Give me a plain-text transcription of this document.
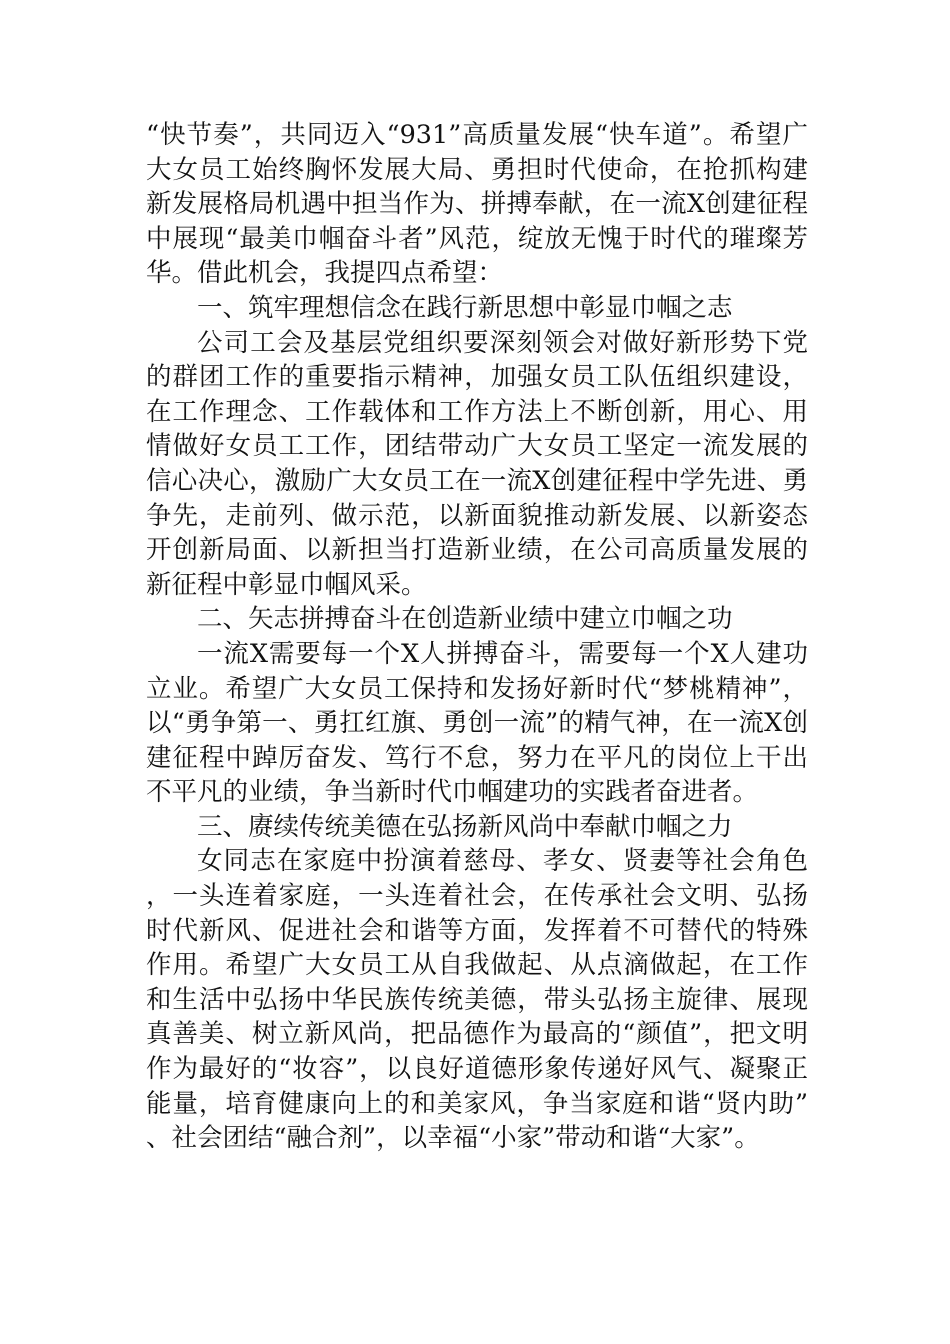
“快节奏”，共同迈入“931”高质量发展“快车道”。希望广大女员工始终胸怀发展大局、勇担时代使命，在抢抓构建新发展格局机遇中担当作为、拼搏奉献，在一流X创建征程中展现“最美巾帼奋斗者”风范，绽放无愧于时代的璀璨芳华。借此机会，我提四点希望：

一、筑牢理想信念在践行新思想中彰显巾帼之志

公司工会及基层党组织要深刻领会对做好新形势下党的群团工作的重要指示精神，加强女员工队伍组织建设，在工作理念、工作载体和工作方法上不断创新，用心、用情做好女员工工作，团结带动广大女员工坚定一流发展的信心决心，激励广大女员工在一流X创建征程中学先进、勇争先，走前列、做示范，以新面貌推动新发展、以新姿态开创新局面、以新担当打造新业绩，在公司高质量发展的新征程中彰显巾帼风采。

二、矢志拼搏奋斗在创造新业绩中建立巾帼之功

一流X需要每一个X人拼搏奋斗，需要每一个X人建功立业。希望广大女员工保持和发扬好新时代“梦桃精神”，以“勇争第一、勇扛红旗、勇创一流”的精气神，在一流X创建征程中踔厉奋发、笃行不怠，努力在平凡的岗位上干出不平凡的业绩，争当新时代巾帼建功的实践者奋进者。

三、赓续传统美德在弘扬新风尚中奉献巾帼之力

女同志在家庭中扮演着慈母、孝女、贤妻等社会角色，一头连着家庭，一头连着社会，在传承社会文明、弘扬时代新风、促进社会和谐等方面，发挥着不可替代的特殊作用。希望广大女员工从自我做起、从点滴做起，在工作和生活中弘扬中华民族传统美德，带头弘扬主旋律、展现真善美、树立新风尚，把品德作为最高的“颜值”，把文明作为最好的“妆容”，以良好道德形象传递好风气、凝聚正能量，培育健康向上的和美家风，争当家庭和谐“贤内助”、社会团结“融合剂”，以幸福“小家”带动和谐“大家”。
